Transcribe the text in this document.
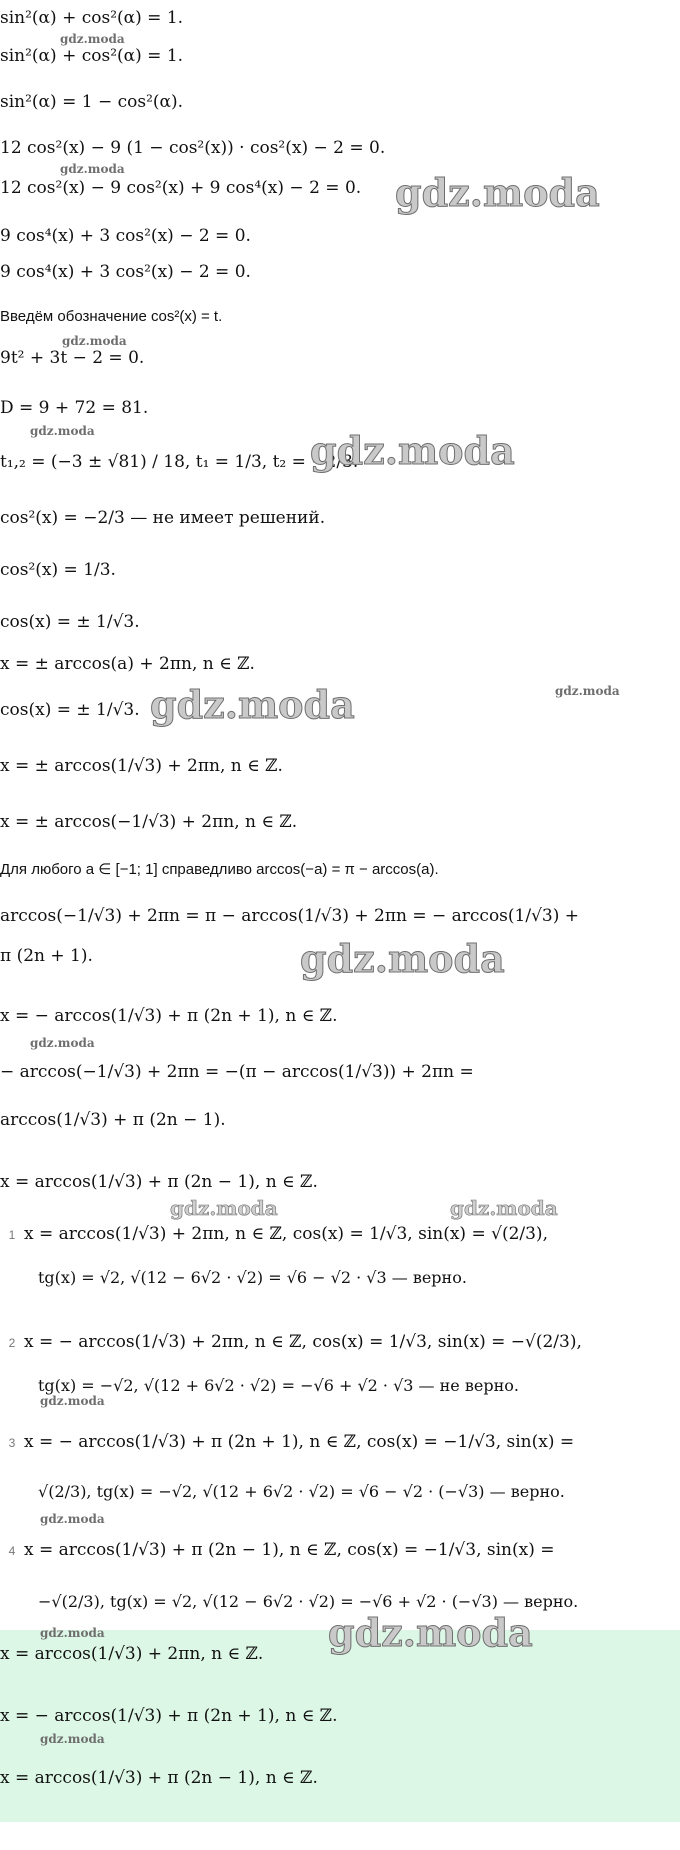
sin²(α) + cos²(α) = 1.
sin²(α) + cos²(α) = 1.
sin²(α) = 1 − cos²(α).
12 cos²(x) − 9 (1 − cos²(x)) · cos²(x) − 2 = 0.
12 cos²(x) − 9 cos²(x) + 9 cos⁴(x) − 2 = 0.
9 cos⁴(x) + 3 cos²(x) − 2 = 0.
9 cos⁴(x) + 3 cos²(x) − 2 = 0.
Введём обозначение cos²(x) = t.
9t² + 3t − 2 = 0.
D = 9 + 72 = 81.
t₁,₂ = (−3 ± √81) / 18, t₁ = 1/3, t₂ = −2/3.
cos²(x) = −2/3 — не имеет решений.
cos²(x) = 1/3.
cos(x) = ± 1/√3.
x = ± arccos(a) + 2πn, n ∈ ℤ.
cos(x) = ± 1/√3.
x = ± arccos(1/√3) + 2πn, n ∈ ℤ.
x = ± arccos(−1/√3) + 2πn, n ∈ ℤ.
Для любого a ∈ [−1; 1] справедливо arccos(−a) = π − arccos(a).
arccos(−1/√3) + 2πn = π − arccos(1/√3) + 2πn = − arccos(1/√3) +
π (2n + 1).
x = − arccos(1/√3) + π (2n + 1), n ∈ ℤ.
− arccos(−1/√3) + 2πn = −(π − arccos(1/√3)) + 2πn =
arccos(1/√3) + π (2n − 1).
x = arccos(1/√3) + π (2n − 1), n ∈ ℤ.
1 x = arccos(1/√3) + 2πn, n ∈ ℤ, cos(x) = 1/√3, sin(x) = √(2/3),
tg(x) = √2, √(12 − 6√2 · √2) = √6 − √2 · √3 — верно.
2 x = − arccos(1/√3) + 2πn, n ∈ ℤ, cos(x) = 1/√3, sin(x) = −√(2/3),
tg(x) = −√2, √(12 + 6√2 · √2) = −√6 + √2 · √3 — не верно.
3 x = − arccos(1/√3) + π (2n + 1), n ∈ ℤ, cos(x) = −1/√3, sin(x) =
√(2/3), tg(x) = −√2, √(12 + 6√2 · √2) = √6 − √2 · (−√3) — верно.
4 x = arccos(1/√3) + π (2n − 1), n ∈ ℤ, cos(x) = −1/√3, sin(x) =
−√(2/3), tg(x) = √2, √(12 − 6√2 · √2) = −√6 + √2 · (−√3) — верно.
x = arccos(1/√3) + 2πn, n ∈ ℤ.
x = − arccos(1/√3) + π (2n + 1), n ∈ ℤ.
x = arccos(1/√3) + π (2n − 1), n ∈ ℤ.
gdz.moda
gdz.moda
gdz.moda
gdz.moda
gdz.moda	gdz.moda
gdz.moda
gdz.moda
gdz.moda
gdz.moda
gdz.moda	gdz.moda
gdz.moda
gdz.moda
gdz.moda	gdz.moda
gdz.moda
